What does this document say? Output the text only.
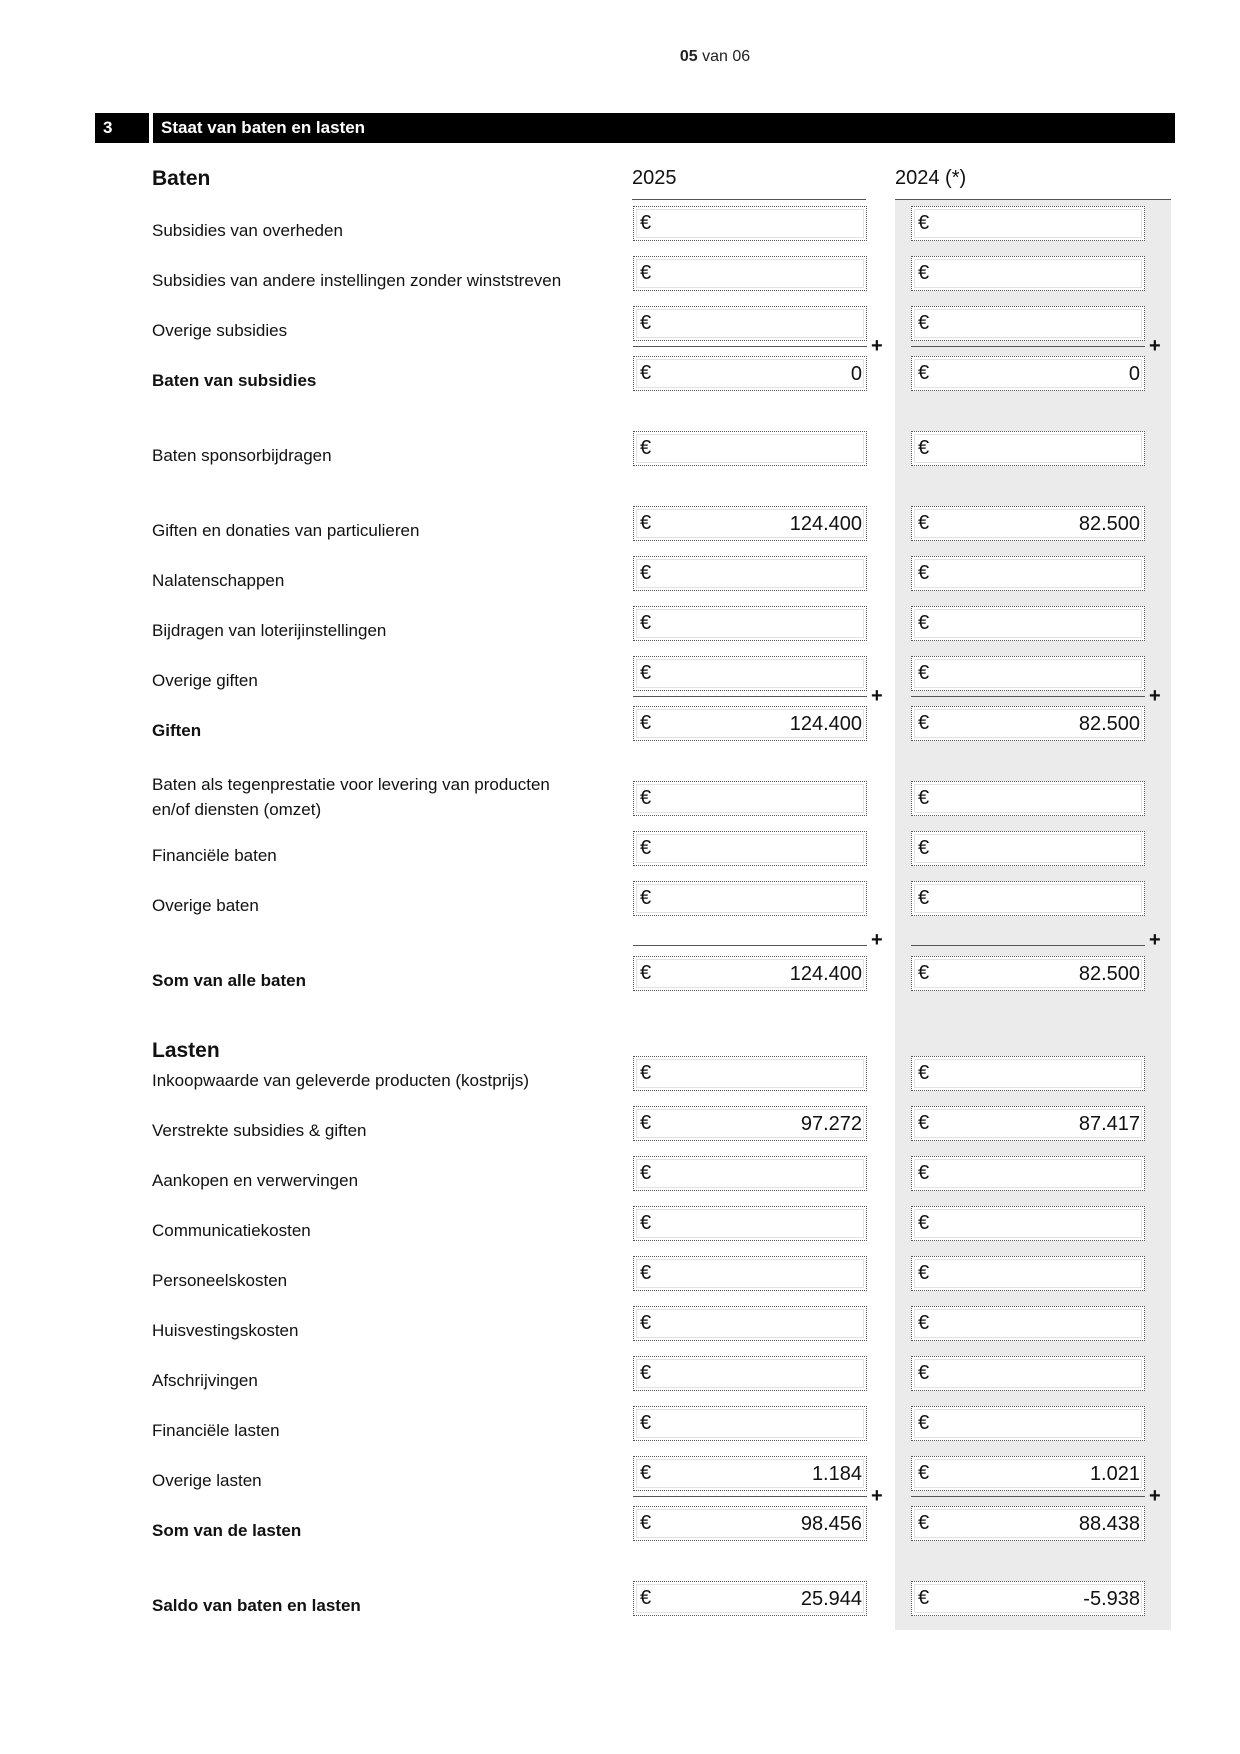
05 van 06
3	Staat van baten en lasten
Baten	2025	2024 (*)
Lasten
Subsidies van overheden	€	€
Subsidies van andere instellingen zonder winststreven	€	€
Overige subsidies	€	€
+	+
Baten van subsidies	€	0	€	0
Baten sponsorbijdragen	€	€
Giften en donaties van particulieren	€	124.400	€	82.500
Nalatenschappen	€	€
Bijdragen van loterijinstellingen	€	€
Overige giften	€	€
+	+
Giften	€	124.400	€	82.500
Baten als tegenprestatie voor levering van producten
en/of diensten (omzet)
€	€
Financiële baten	€	€
Overige baten	€	€
Som van alle baten	€	124.400	€	82.500
Inkoopwaarde van geleverde producten (kostprijs)	€	€
Verstrekte subsidies & giften	€	97.272	€	87.417
Aankopen en verwervingen	€	€
Communicatiekosten	€	€
Personeelskosten	€	€
Huisvestingskosten	€	€
Afschrijvingen	€	€
Financiële lasten	€	€
Overige lasten	€	1.184	€	1.021
+	+
Som van de lasten	€	98.456	€	88.438
Saldo van baten en lasten	€	25.944	€	-5.938
+	+
